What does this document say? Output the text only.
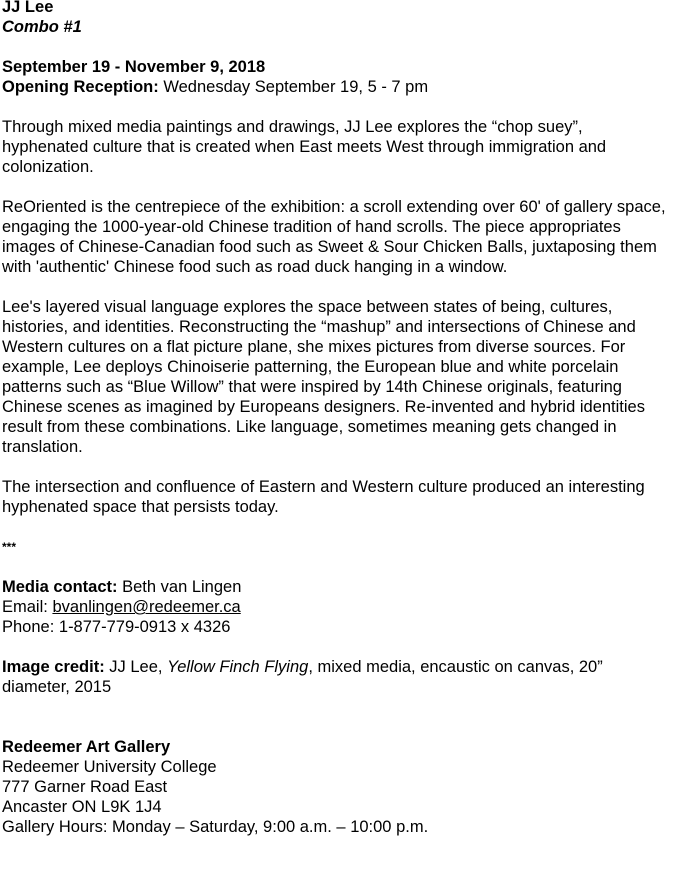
JJ Lee

Combo #1

September 19 - November 9, 2018

Opening Reception: Wednesday September 19, 5 - 7 pm

Through mixed media paintings and drawings, JJ Lee explores the “chop suey”, hyphenated culture that is created when East meets West through immigration and colonization.

ReOriented is the centrepiece of the exhibition: a scroll extending over 60' of gallery space, engaging the 1000-year-old Chinese tradition of hand scrolls. The piece appropriates images of Chinese-Canadian food such as Sweet & Sour Chicken Balls, juxtaposing them with 'authentic' Chinese food such as road duck hanging in a window.

Lee's layered visual language explores the space between states of being, cultures, histories, and identities. Reconstructing the “mashup” and intersections of Chinese and Western cultures on a flat picture plane, she mixes pictures from diverse sources. For example, Lee deploys Chinoiserie patterning, the European blue and white porcelain patterns such as “Blue Willow” that were inspired by 14th Chinese originals, featuring Chinese scenes as imagined by Europeans designers. Re-invented and hybrid identities result from these combinations. Like language, sometimes meaning gets changed in translation.

The intersection and confluence of Eastern and Western culture produced an interesting hyphenated space that persists today.

***

Media contact: Beth van Lingen

Email: bvanlingen@redeemer.ca

Phone: 1-877-779-0913 x 4326

Image credit: JJ Lee, Yellow Finch Flying, mixed media, encaustic on canvas, 20” diameter, 2015

Redeemer Art Gallery

Redeemer University College

777 Garner Road East

Ancaster ON L9K 1J4

Gallery Hours: Monday – Saturday, 9:00 a.m. – 10:00 p.m.
